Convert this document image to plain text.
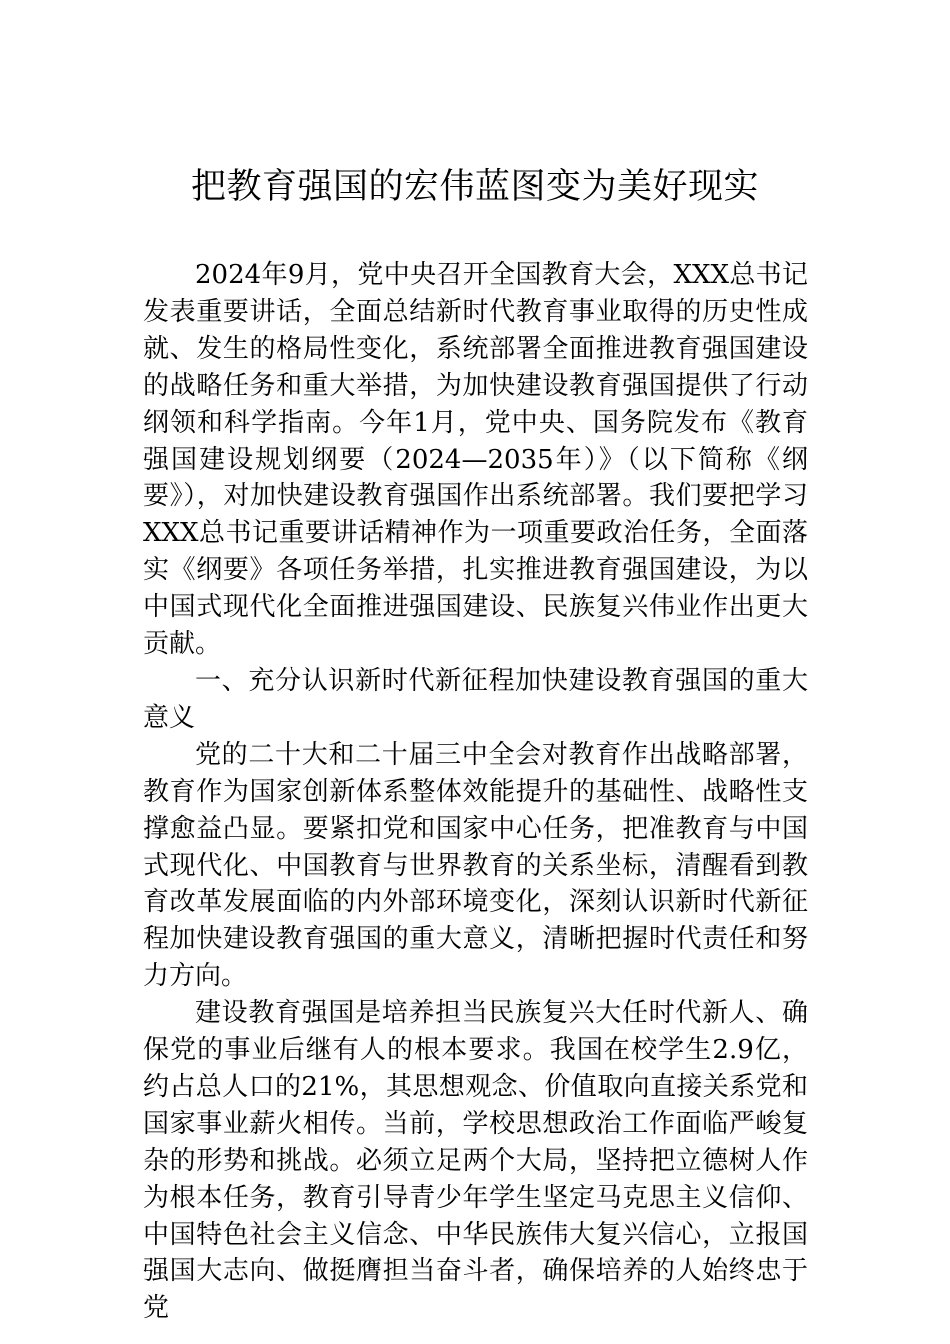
把教育强国的宏伟蓝图变为美好现实

2024年9月，党中央召开全国教育大会，XXX总书记发表重要讲话，全面总结新时代教育事业取得的历史性成就、发生的格局性变化，系统部署全面推进教育强国建设的战略任务和重大举措，为加快建设教育强国提供了行动纲领和科学指南。今年1月，党中央、国务院发布《教育强国建设规划纲要（2024—2035年）》（以下简称《纲要》），对加快建设教育强国作出系统部署。我们要把学习XXX总书记重要讲话精神作为一项重要政治任务，全面落实《纲要》各项任务举措，扎实推进教育强国建设，为以中国式现代化全面推进强国建设、民族复兴伟业作出更大贡献。

一、充分认识新时代新征程加快建设教育强国的重大意义

党的二十大和二十届三中全会对教育作出战略部署，教育作为国家创新体系整体效能提升的基础性、战略性支撑愈益凸显。要紧扣党和国家中心任务，把准教育与中国式现代化、中国教育与世界教育的关系坐标，清醒看到教育改革发展面临的内外部环境变化，深刻认识新时代新征程加快建设教育强国的重大意义，清晰把握时代责任和努力方向。

建设教育强国是培养担当民族复兴大任时代新人、确保党的事业后继有人的根本要求。我国在校学生2.9亿，约占总人口的21%，其思想观念、价值取向直接关系党和国家事业薪火相传。当前，学校思想政治工作面临严峻复杂的形势和挑战。必须立足两个大局，坚持把立德树人作为根本任务，教育引导青少年学生坚定马克思主义信仰、中国特色社会主义信念、中华民族伟大复兴信心，立报国强国大志向、做挺膺担当奋斗者，确保培养的人始终忠于党
